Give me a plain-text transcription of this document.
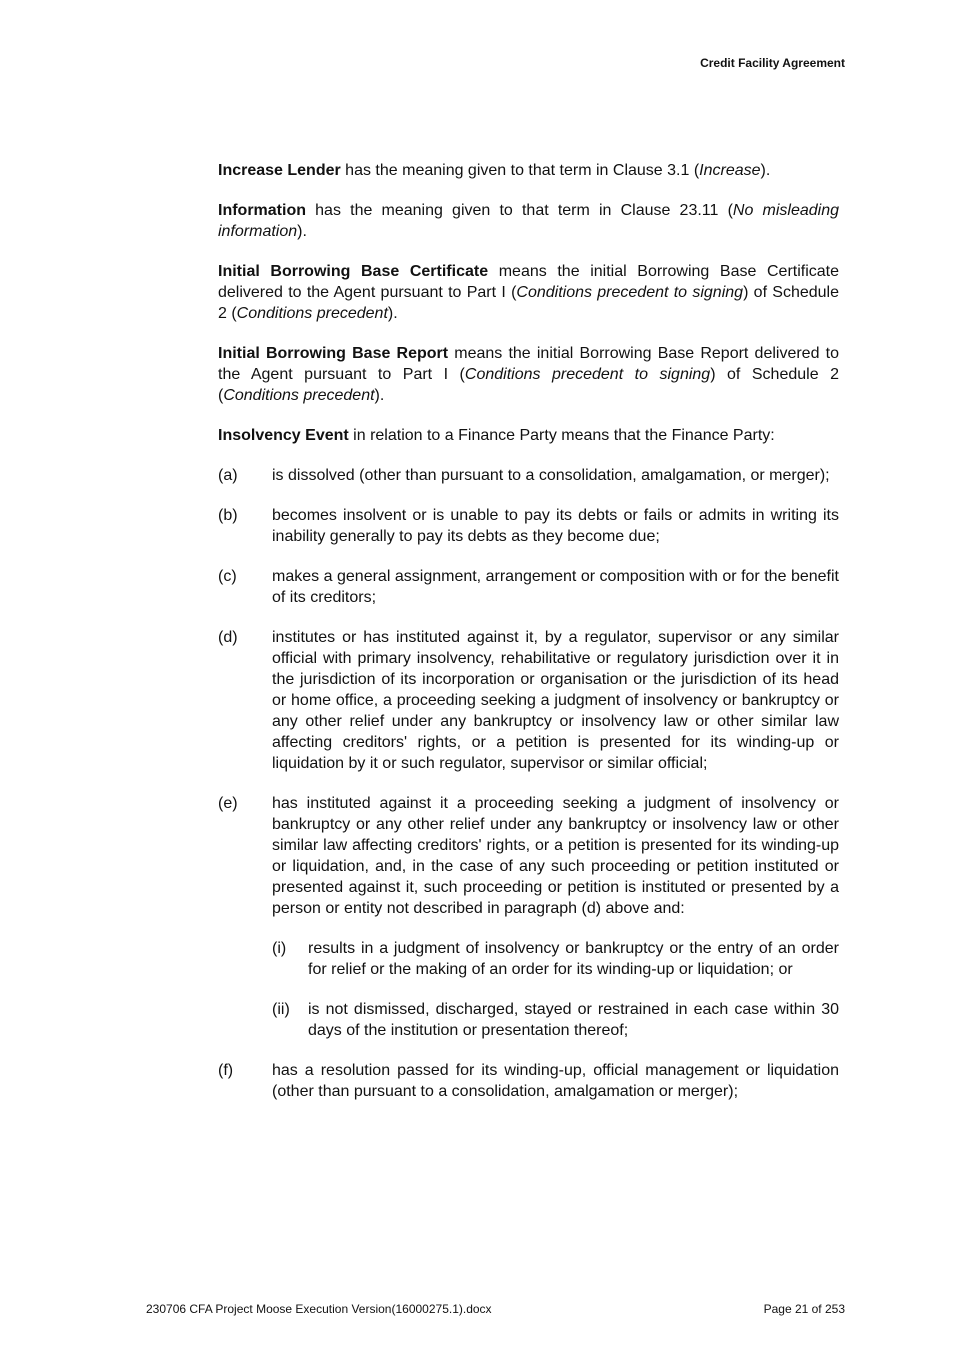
Credit Facility Agreement

Increase Lender has the meaning given to that term in Clause 3.1 (Increase).

Information has the meaning given to that term in Clause 23.11 (No misleading information).

Initial Borrowing Base Certificate means the initial Borrowing Base Certificate delivered to the Agent pursuant to Part I (Conditions precedent to signing) of Schedule 2 (Conditions precedent).

Initial Borrowing Base Report means the initial Borrowing Base Report delivered to the Agent pursuant to Part I (Conditions precedent to signing) of Schedule 2 (Conditions precedent).

Insolvency Event in relation to a Finance Party means that the Finance Party:

(a)	is dissolved (other than pursuant to a consolidation, amalgamation, or merger);
(b)	becomes insolvent or is unable to pay its debts or fails or admits in writing its inability generally to pay its debts as they become due;
(c)	makes a general assignment, arrangement or composition with or for the benefit of its creditors;
(d)	institutes or has instituted against it, by a regulator, supervisor or any similar official with primary insolvency, rehabilitative or regulatory jurisdiction over it in the jurisdiction of its incorporation or organisation or the jurisdiction of its head or home office, a proceeding seeking a judgment of insolvency or bankruptcy or any other relief under any bankruptcy or insolvency law or other similar law affecting creditors' rights, or a petition is presented for its winding-up or liquidation by it or such regulator, supervisor or similar official;
(e)	has instituted against it a proceeding seeking a judgment of insolvency or bankruptcy or any other relief under any bankruptcy or insolvency law or other similar law affecting creditors' rights, or a petition is presented for its winding-up or liquidation, and, in the case of any such proceeding or petition instituted or presented against it, such proceeding or petition is instituted or presented by a person or entity not described in paragraph (d) above and:
(i)	results in a judgment of insolvency or bankruptcy or the entry of an order for relief or the making of an order for its winding-up or liquidation; or
(ii)	is not dismissed, discharged, stayed or restrained in each case within 30 days of the institution or presentation thereof;
(f)	has a resolution passed for its winding-up, official management or liquidation (other than pursuant to a consolidation, amalgamation or merger);
230706 CFA Project Moose Execution Version(16000275.1).docx	Page 21 of 253
